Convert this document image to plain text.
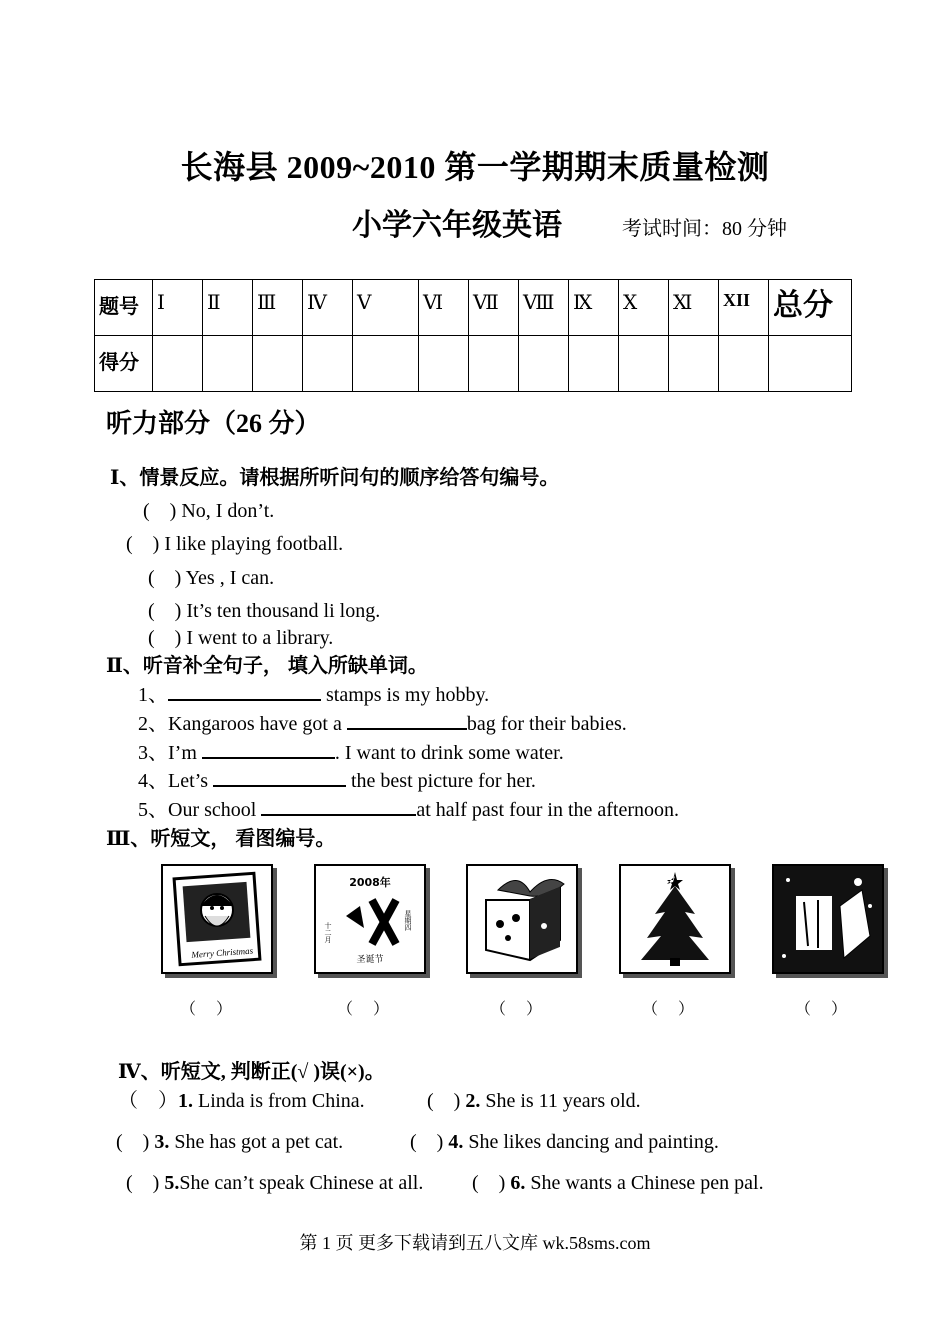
长海县 2009~2010 第一学期期末质量检测
小学六年级英语	考试时间：80 分钟
题号	Ⅰ	Ⅱ	Ⅲ	Ⅳ	Ⅴ	Ⅵ	Ⅶ	Ⅷ	Ⅸ	Ⅹ	Ⅺ	XII	总分
得分													
听力部分（26 分）
Ⅰ、情景反应。请根据所听问句的顺序给答句编号。
(　) No, I don’t.
(　) I like playing football.
(　) Yes , I can.
(　) It’s ten thousand li long.
(　) I went to a library.
Ⅱ、听音补全句子， 填入所缺单词。
1、	stamps is my hobby.
2、Kangaroos have got a	bag for their babies.
3、I’m	. I want to drink some water.
4、Let’s	the best picture for her.
5、Our school	at half past four in the afternoon.
Ⅲ、听短文， 看图编号。
Merry Christmas
2008年
十二月
星期四
圣诞节
（　 ）	（　 ）	（　 ）	（　 ）	（　 ）
Ⅳ、听短文, 判断正(√ )误(×)。
（　）1. Linda is from China.	(　) 2. She is 11 years old.
(　) 3. She has got a pet cat.	(　) 4. She likes dancing and painting.
(　) 5.She can’t speak Chinese at all. (　) 6. She wants a Chinese pen pal.
第 1 页 更多下载请到五八文库 wk.58sms.com
